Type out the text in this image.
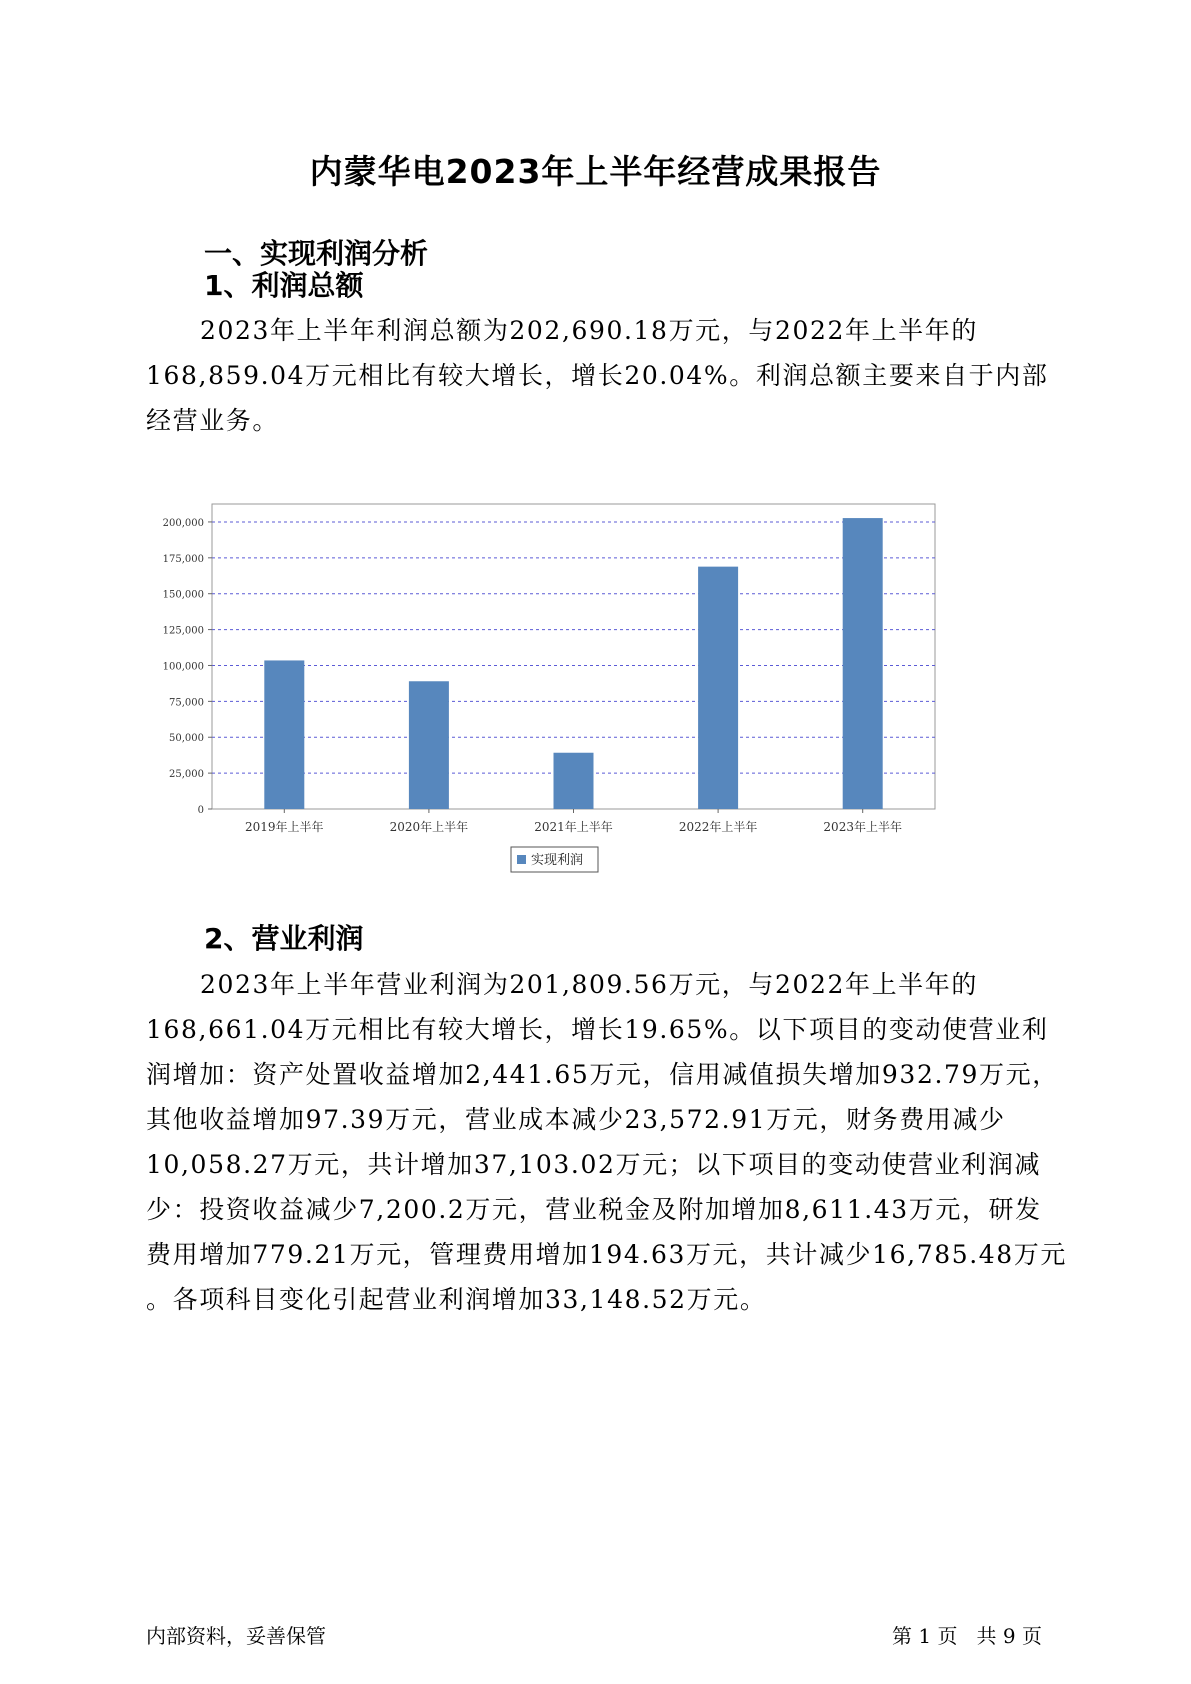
内蒙华电2023年上半年经营成果报告
一、实现利润分析
1、利润总额
2023年上半年利润总额为202,690.18万元，与2022年上半年的
168,859.04万元相比有较大增长，增长20.04%。利润总额主要来自于内部
经营业务。
0
25,000
50,000
75,000
100,000
125,000
150,000
175,000
200,000
2019年上半年	2020年上半年	2021年上半年	2022年上半年	2023年上半年
实现利润
2、营业利润
2023年上半年营业利润为201,809.56万元，与2022年上半年的
168,661.04万元相比有较大增长，增长19.65%。以下项目的变动使营业利
润增加：资产处置收益增加2,441.65万元，信用减值损失增加932.79万元，
其他收益增加97.39万元，营业成本减少23,572.91万元，财务费用减少
10,058.27万元，共计增加37,103.02万元；以下项目的变动使营业利润减
少：投资收益减少7,200.2万元，营业税金及附加增加8,611.43万元，研发
费用增加779.21万元，管理费用增加194.63万元，共计减少16,785.48万元
。各项科目变化引起营业利润增加33,148.52万元。
内部资料，妥善保管	第 1 页   共 9 页
